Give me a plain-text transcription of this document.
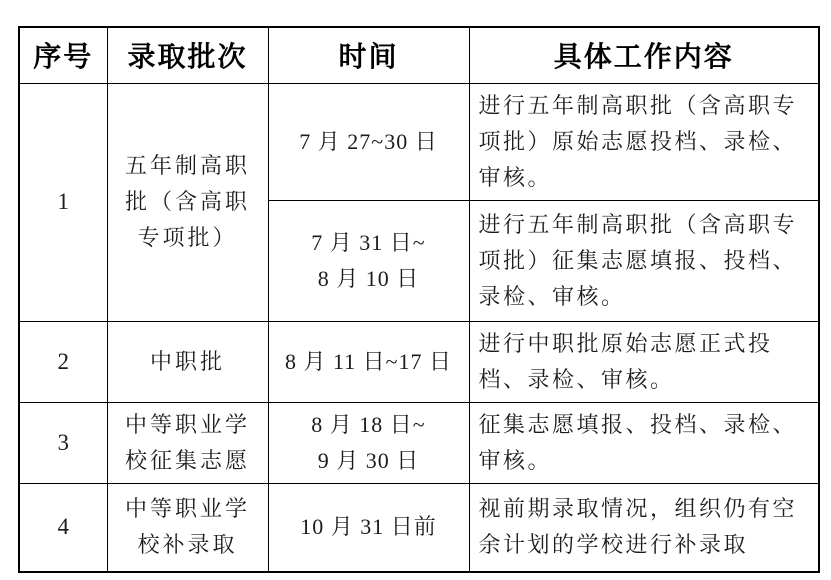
序号	录取批次	时间	具体工作内容
1	五年制高职
批（含高职
专项批）	7 月 27~30 日	进行五年制高职批（含高职专
项批）原始志愿投档、录检、
审核。
		7 月 31 日~
8 月 10 日	进行五年制高职批（含高职专
项批）征集志愿填报、投档、
录检、审核。
2	中职批	8 月 11 日~17 日	进行中职批原始志愿正式投
档、录检、审核。
3	中等职业学
校征集志愿	8 月 18 日~
9 月 30 日	征集志愿填报、投档、录检、
审核。
4	中等职业学
校补录取	10 月 31 日前	视前期录取情况，组织仍有空
余计划的学校进行补录取
